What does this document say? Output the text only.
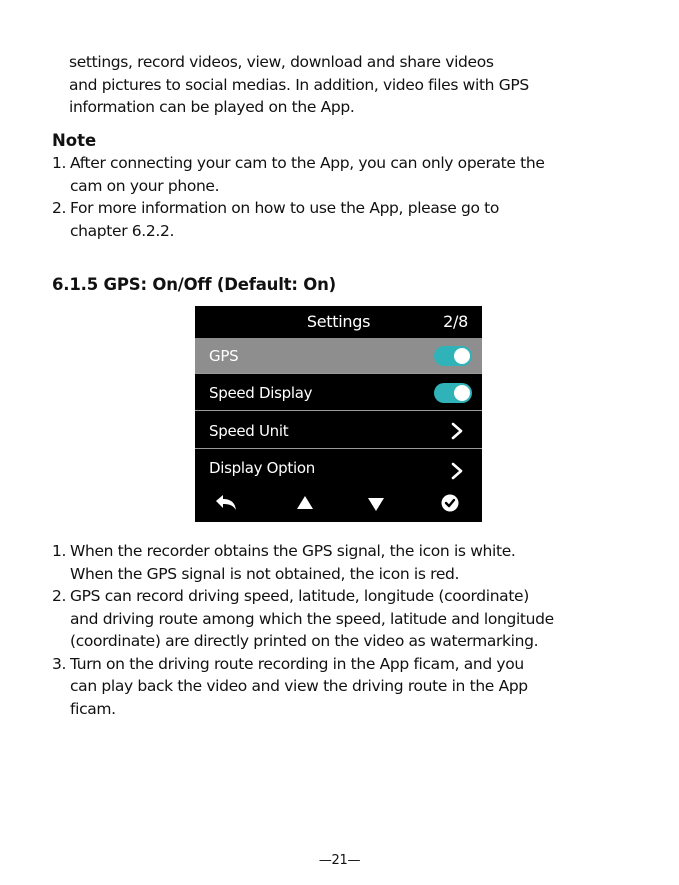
settings, record videos, view, download and share videos
and pictures to social medias. In addition, video files with GPS
information can be played on the App.

Note

1. After connecting your cam to the App, you can only operate the
cam on your phone.
2. For more information on how to use the App, please go to
chapter 6.2.2.

6.1.5 GPS: On/Off (Default: On)

Settings	2/8
GPS
Speed Display
Speed Unit
Display Option
1. When the recorder obtains the GPS signal, the icon is white.
When the GPS signal is not obtained, the icon is red.
2. GPS can record driving speed, latitude, longitude (coordinate)
and driving route among which the speed, latitude and longitude
(coordinate) are directly printed on the video as watermarking.
3. Turn on the driving route recording in the App ficam, and you
can play back the video and view the driving route in the App
ficam.
—21—
